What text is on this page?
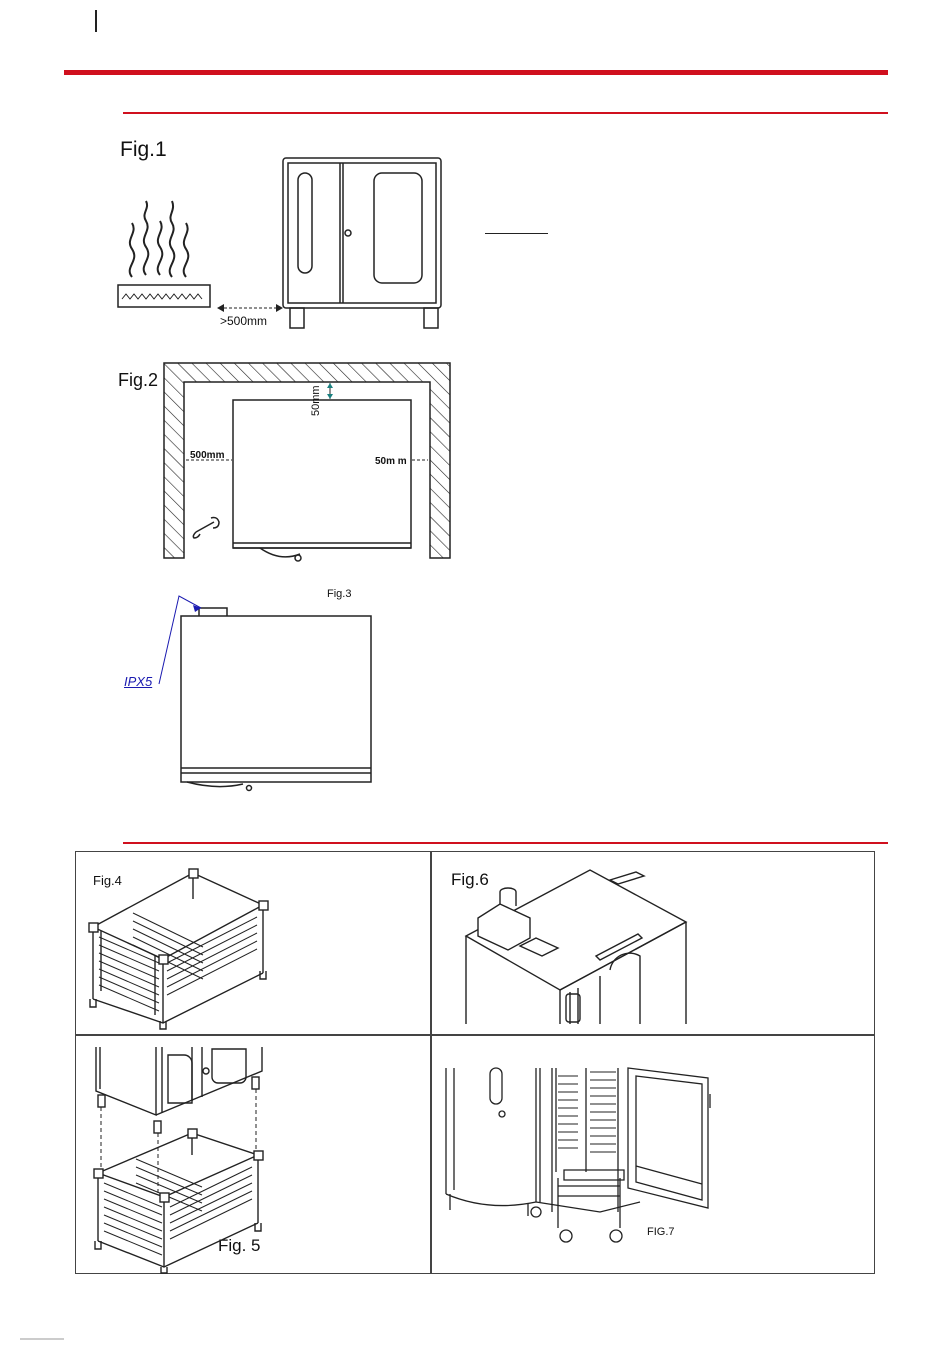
Fig.1
>500mm
Fig.2
500mm
50m m
50mm
Fig.3
IPX5
Fig.4	Fig.6
Fig. 5
FIG.7
